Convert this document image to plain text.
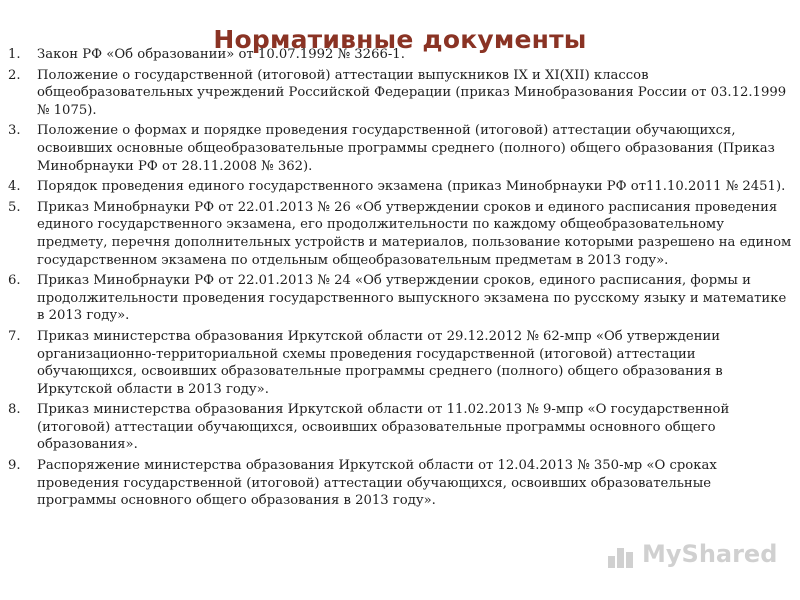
Нормативные документы
1.	Закон РФ «Об образовании» от 10.07.1992 № 3266-1.
2.	Положение о государственной (итоговой) аттестации выпускников IX и XI(XII) классов общеобразовательных учреждений Российской Федерации (приказ Минобразования России от 03.12.1999 № 1075).
3.	Положение о формах и порядке проведения государственной (итоговой) аттестации обучающихся, освоивших основные общеобразовательные программы среднего (полного) общего образования (Приказ Минобрнауки РФ от 28.11.2008 № 362).
4.	Порядок проведения единого государственного экзамена (приказ Минобрнауки РФ от11.10.2011 № 2451).
5.	Приказ Минобрнауки РФ от 22.01.2013 № 26 «Об утверждении сроков и единого расписания проведения единого государственного экзамена, его продолжительности по каждому общеобразовательному предмету, перечня дополнительных устройств и материалов, пользование которыми разрешено на едином государственном экзамена по отдельным общеобразовательным предметам в 2013 году».
6.	Приказ Минобрнауки РФ от 22.01.2013 № 24 «Об утверждении сроков, единого расписания, формы и продолжительности проведения государственного выпускного экзамена по русскому языку и математике в 2013 году».
7.	Приказ министерства образования Иркутской области от 29.12.2012 № 62-мпр «Об утверждении организационно-территориальной схемы проведения государственной (итоговой) аттестации обучающихся, освоивших образовательные программы среднего (полного) общего образования в Иркутской области в 2013 году».
8.	Приказ министерства образования Иркутской области от 11.02.2013 № 9-мпр «О государственной (итоговой) аттестации обучающихся, освоивших образовательные программы основного общего образования».
9.	Распоряжение министерства образования Иркутской области от 12.04.2013 № 350-мр «О сроках проведения государственной (итоговой) аттестации обучающихся, освоивших образовательные программы основного общего образования в 2013 году».
MyShared
